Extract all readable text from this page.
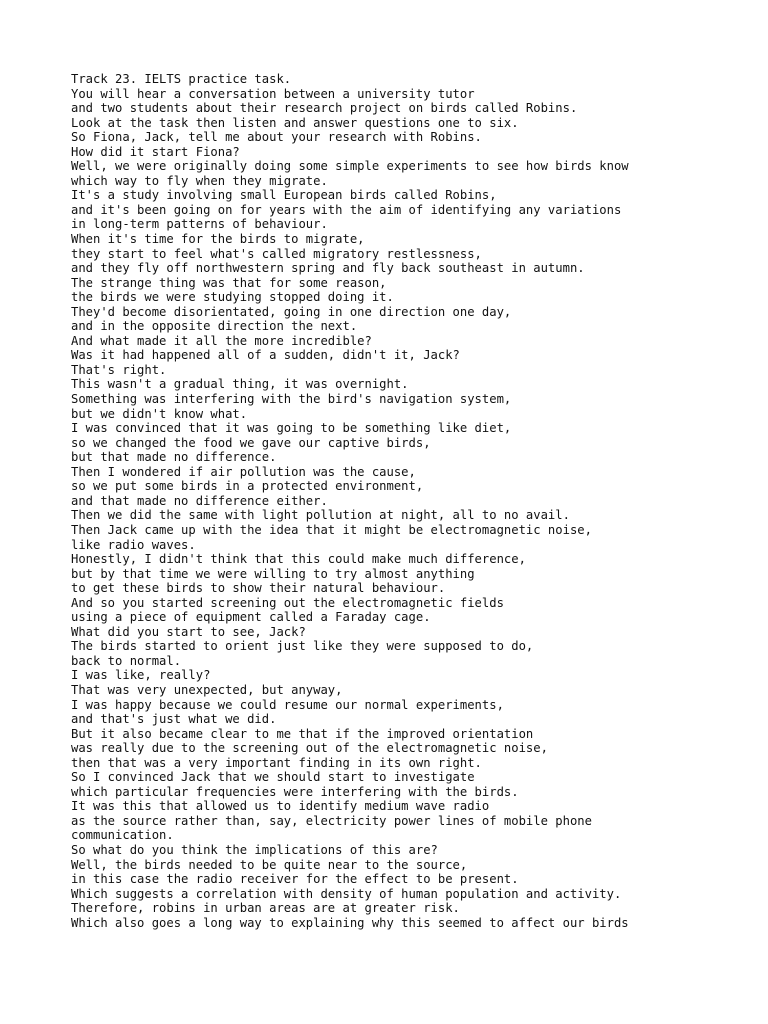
Track 23. IELTS practice task.
You will hear a conversation between a university tutor
and two students about their research project on birds called Robins.
Look at the task then listen and answer questions one to six.
So Fiona, Jack, tell me about your research with Robins.
How did it start Fiona?
Well, we were originally doing some simple experiments to see how birds know
which way to fly when they migrate.
It's a study involving small European birds called Robins,
and it's been going on for years with the aim of identifying any variations
in long-term patterns of behaviour.
When it's time for the birds to migrate,
they start to feel what's called migratory restlessness,
and they fly off northwestern spring and fly back southeast in autumn.
The strange thing was that for some reason,
the birds we were studying stopped doing it.
They'd become disorientated, going in one direction one day,
and in the opposite direction the next.
And what made it all the more incredible?
Was it had happened all of a sudden, didn't it, Jack?
That's right.
This wasn't a gradual thing, it was overnight.
Something was interfering with the bird's navigation system,
but we didn't know what.
I was convinced that it was going to be something like diet,
so we changed the food we gave our captive birds,
but that made no difference.
Then I wondered if air pollution was the cause,
so we put some birds in a protected environment,
and that made no difference either.
Then we did the same with light pollution at night, all to no avail.
Then Jack came up with the idea that it might be electromagnetic noise,
like radio waves.
Honestly, I didn't think that this could make much difference,
but by that time we were willing to try almost anything
to get these birds to show their natural behaviour.
And so you started screening out the electromagnetic fields
using a piece of equipment called a Faraday cage.
What did you start to see, Jack?
The birds started to orient just like they were supposed to do,
back to normal.
I was like, really?
That was very unexpected, but anyway,
I was happy because we could resume our normal experiments,
and that's just what we did.
But it also became clear to me that if the improved orientation
was really due to the screening out of the electromagnetic noise,
then that was a very important finding in its own right.
So I convinced Jack that we should start to investigate
which particular frequencies were interfering with the birds.
It was this that allowed us to identify medium wave radio
as the source rather than, say, electricity power lines of mobile phone
communication.
So what do you think the implications of this are?
Well, the birds needed to be quite near to the source,
in this case the radio receiver for the effect to be present.
Which suggests a correlation with density of human population and activity.
Therefore, robins in urban areas are at greater risk.
Which also goes a long way to explaining why this seemed to affect our birds
